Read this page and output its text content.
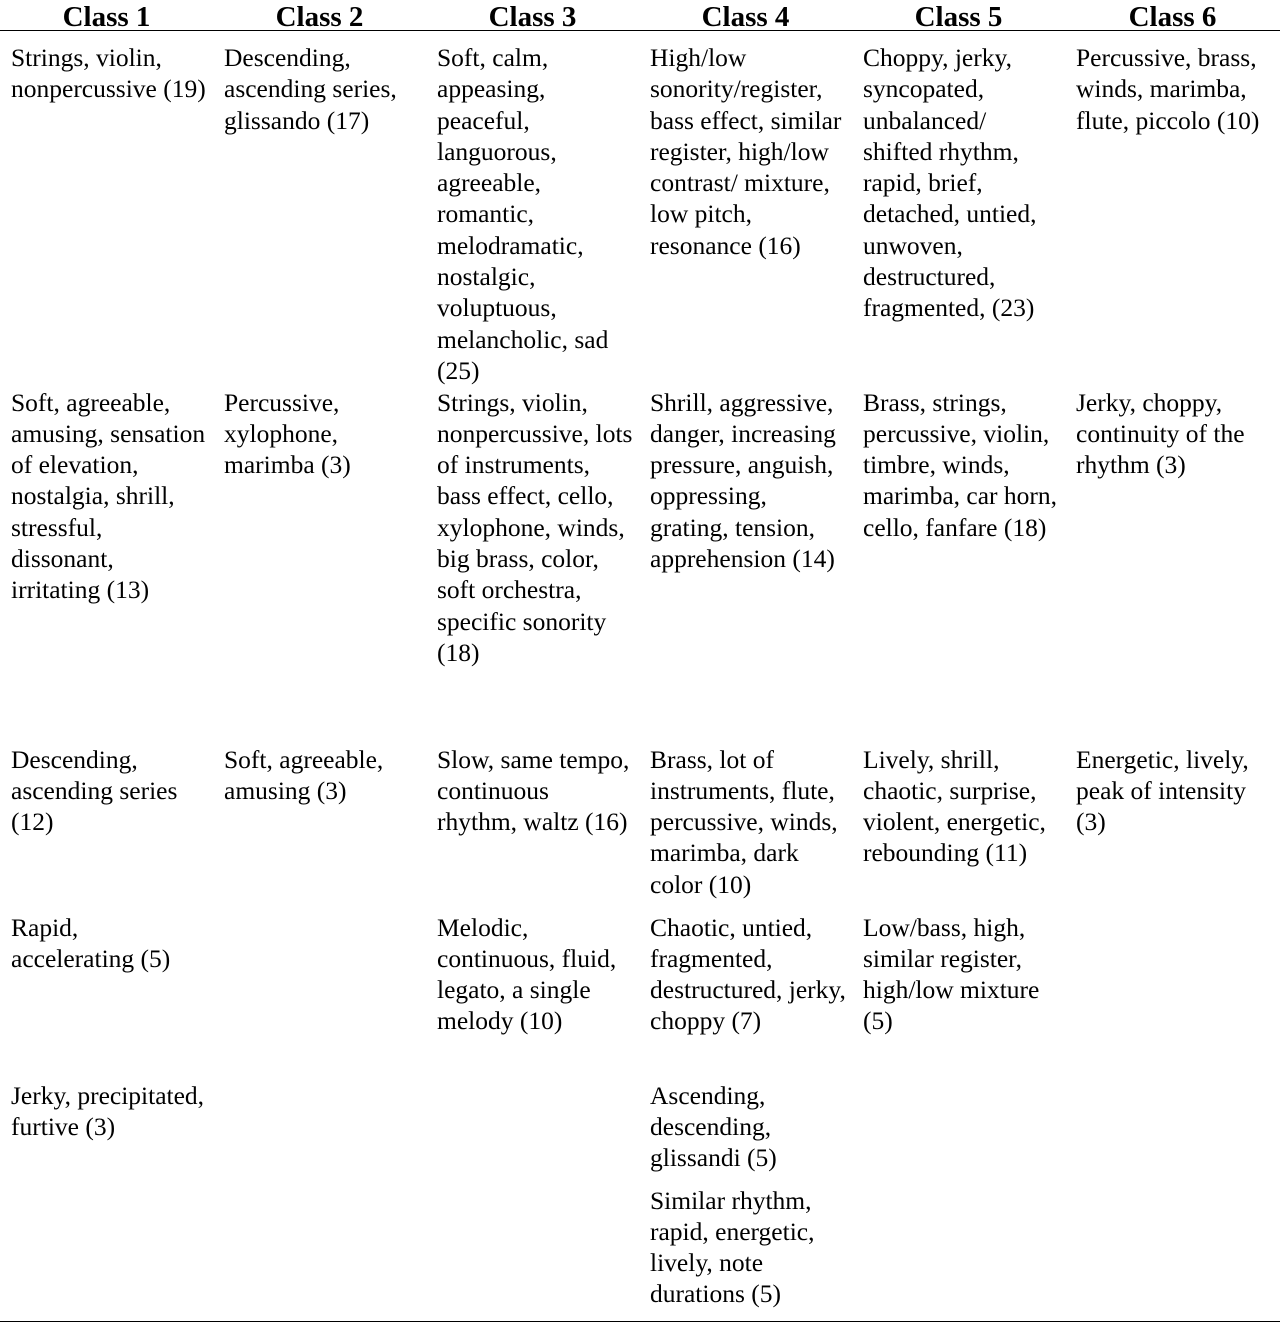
Class 1	Class 2	Class 3	Class 4	Class 5	Class 6
Strings, violin, nonpercussive (19)	Descending, ascending series, glissando (17)	Soft, calm, appeasing, peaceful, languorous, agreeable, romantic, melodramatic, nostalgic, voluptuous, melancholic, sad (25)	High/low sonority/register, bass effect, similar register, high/low contrast/ mixture, low pitch, resonance (16)	Choppy, jerky, syncopated, unbalanced/ shifted rhythm, rapid, brief, detached, untied, unwoven, destructured, fragmented, (23)	Percussive, brass, winds, marimba, flute, piccolo (10)
Soft, agreeable, amusing, sensation of elevation, nostalgia, shrill, stressful, dissonant, irritating (13)	Percussive, xylophone, marimba (3)	Strings, violin, nonpercussive, lots of instruments, bass effect, cello, xylophone, winds, big brass, color, soft orchestra, specific sonority (18)	Shrill, aggressive, danger, increasing pressure, anguish, oppressing, grating, tension, apprehension (14)	Brass, strings, percussive, violin, timbre, winds, marimba, car horn, cello, fanfare (18)	Jerky, choppy, continuity of the rhythm (3)
Descending, ascending series (12)	Soft, agreeable, amusing (3)	Slow, same tempo, continuous rhythm, waltz (16)	Brass, lot of instruments, flute, percussive, winds, marimba, dark color (10)	Lively, shrill, chaotic, surprise, violent, energetic, rebounding (11)	Energetic, lively, peak of intensity (3)
Rapid, accelerating (5)		Melodic, continuous, fluid, legato, a single melody (10)	Chaotic, untied, fragmented, destructured, jerky, choppy (7)	Low/bass, high, similar register, high/low mixture (5)	
Jerky, precipitated, furtive (3)			Ascending, descending, glissandi (5)		
			Similar rhythm, rapid, energetic, lively, note durations (5)		
